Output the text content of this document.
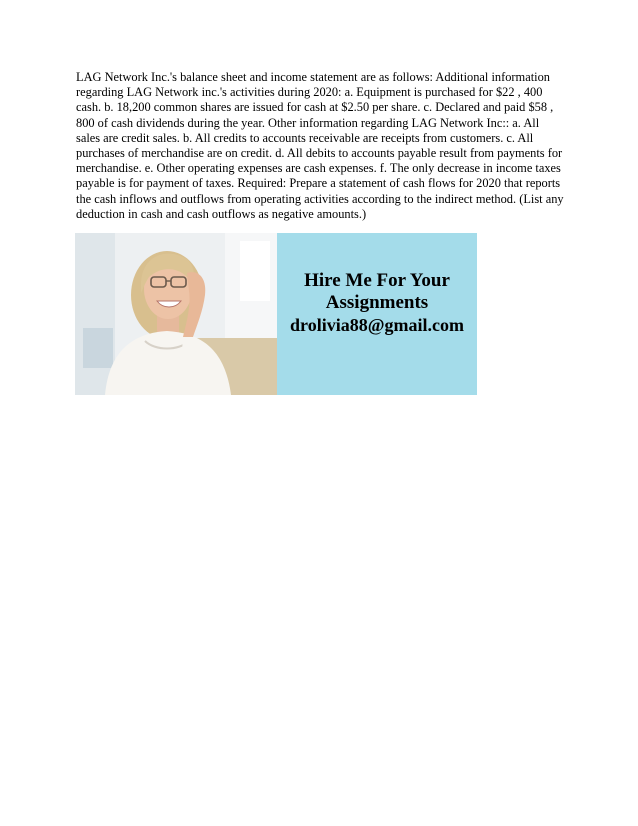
LAG Network Inc.'s balance sheet and income statement are as follows: Additional information regarding LAG Network inc.'s activities during 2020: a. Equipment is purchased for $22 , 400 cash. b. 18,200 common shares are issued for cash at $2.50 per share. c. Declared and paid $58 , 800 of cash dividends during the year. Other information regarding LAG Network Inc:: a. All sales are credit sales. b. All credits to accounts receivable are receipts from customers. c. All purchases of merchandise are on credit. d. All debits to accounts payable result from payments for merchandise. e. Other operating expenses are cash expenses. f. The only decrease in income taxes payable is for payment of taxes. Required: Prepare a statement of cash flows for 2020 that reports the cash inflows and outflows from operating activities according to the indirect method. (List any deduction in cash and cash outflows as negative amounts.)

Hire Me For Your
Assignments
drolivia88@gmail.com
